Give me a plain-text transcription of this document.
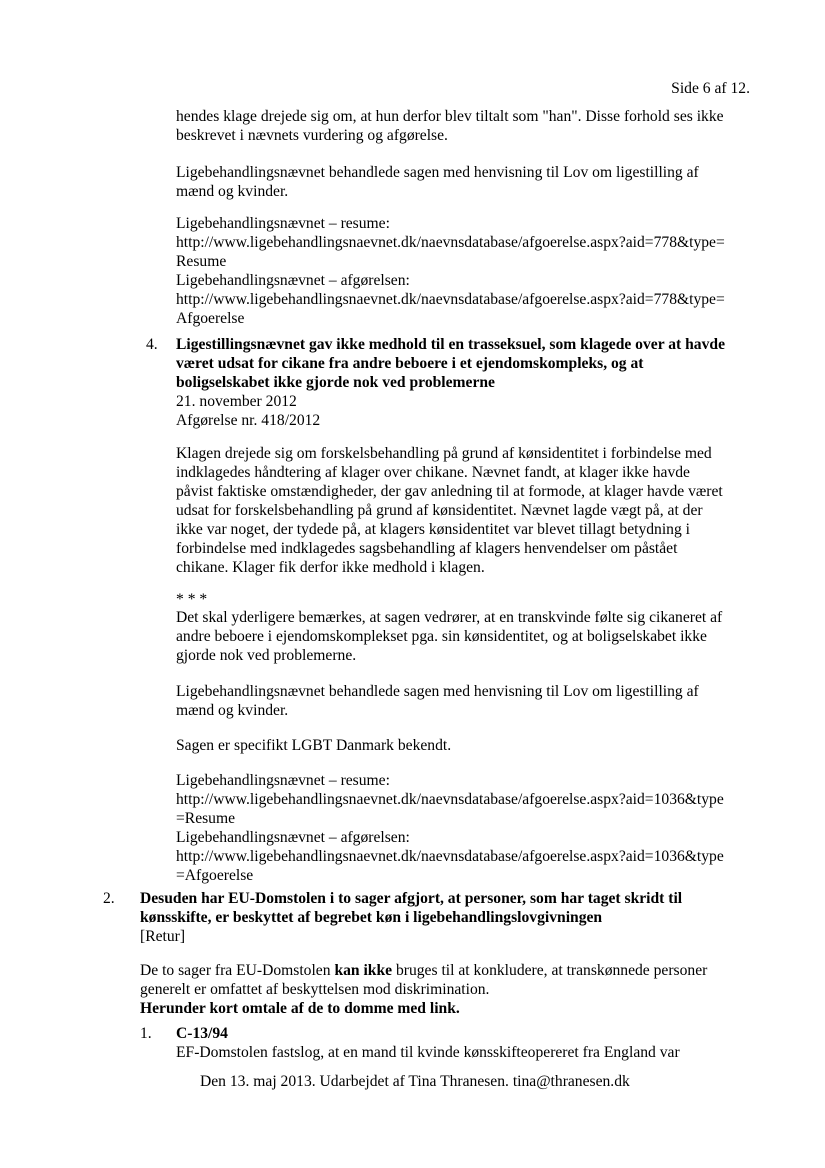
Side 6 af 12.

hendes klage drejede sig om, at hun derfor blev tiltalt som "han". Disse forhold ses ikke

beskrevet i nævnets vurdering og afgørelse.

Ligebehandlingsnævnet behandlede sagen med henvisning til Lov om ligestilling af

mænd og kvinder.

Ligebehandlingsnævnet – resume:

http://www.ligebehandlingsnaevnet.dk/naevnsdatabase/afgoerelse.aspx?aid=778&type=

Resume

Ligebehandlingsnævnet – afgørelsen:

http://www.ligebehandlingsnaevnet.dk/naevnsdatabase/afgoerelse.aspx?aid=778&type=

Afgoerelse

4.	Ligestillingsnævnet gav ikke medhold til en trasseksuel, som klagede over at havde

været udsat for cikane fra andre beboere i et ejendomskompleks, og at

boligselskabet ikke gjorde nok ved problemerne

21. november 2012

Afgørelse nr. 418/2012

Klagen drejede sig om forskelsbehandling på grund af kønsidentitet i forbindelse med

indklagedes håndtering af klager over chikane. Nævnet fandt, at klager ikke havde

påvist faktiske omstændigheder, der gav anledning til at formode, at klager havde været

udsat for forskelsbehandling på grund af kønsidentitet. Nævnet lagde vægt på, at der

ikke var noget, der tydede på, at klagers kønsidentitet var blevet tillagt betydning i

forbindelse med indklagedes sagsbehandling af klagers henvendelser om påstået

chikane. Klager fik derfor ikke medhold i klagen.

* * *

Det skal yderligere bemærkes, at sagen vedrører, at en transkvinde følte sig cikaneret af

andre beboere i ejendomskomplekset pga. sin kønsidentitet, og at boligselskabet ikke

gjorde nok ved problemerne.

Ligebehandlingsnævnet behandlede sagen med henvisning til Lov om ligestilling af

mænd og kvinder.

Sagen er specifikt LGBT Danmark bekendt.

Ligebehandlingsnævnet – resume:

http://www.ligebehandlingsnaevnet.dk/naevnsdatabase/afgoerelse.aspx?aid=1036&type

=Resume

Ligebehandlingsnævnet – afgørelsen:

http://www.ligebehandlingsnaevnet.dk/naevnsdatabase/afgoerelse.aspx?aid=1036&type

=Afgoerelse

2.	Desuden har EU-Domstolen i to sager afgjort, at personer, som har taget skridt til

kønsskifte, er beskyttet af begrebet køn i ligebehandlingslovgivningen

[Retur]

De to sager fra EU-Domstolen kan ikke bruges til at konkludere, at transkønnede personer

generelt er omfattet af beskyttelsen mod diskrimination.

Herunder kort omtale af de to domme med link.

1.	C-13/94

EF-Domstolen fastslog, at en mand til kvinde kønsskifteopereret fra England var

Den 13. maj 2013. Udarbejdet af Tina Thranesen. tina@thranesen.dk
